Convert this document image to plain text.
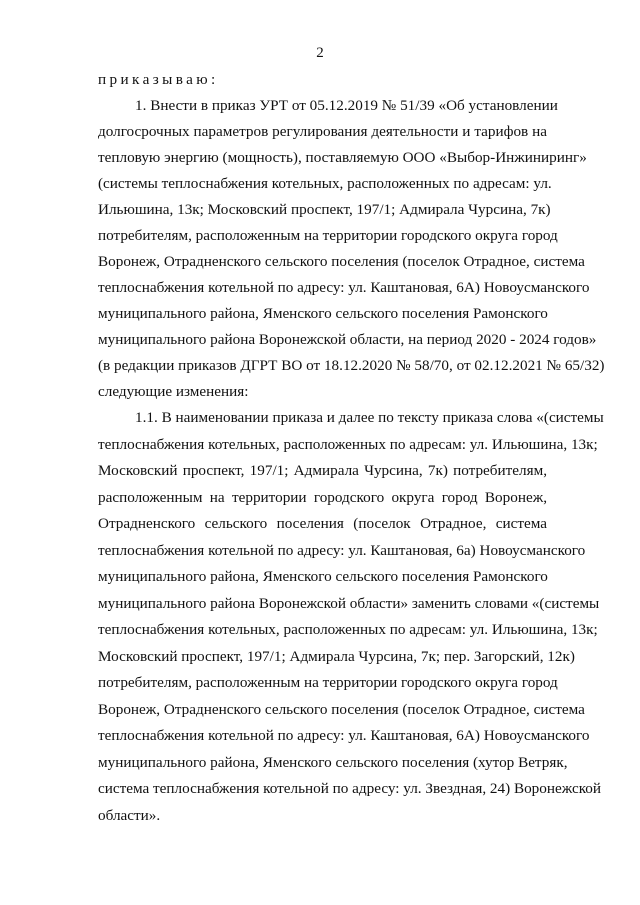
2
приказываю:
1. Внести в приказ УРТ от 05.12.2019 № 51/39 «Об установлении
долгосрочных параметров регулирования деятельности и тарифов на
тепловую энергию (мощность), поставляемую ООО «Выбор-Инжиниринг»
(системы теплоснабжения котельных, расположенных по адресам: ул.
Ильюшина, 13к; Московский проспект, 197/1; Адмирала Чурсина, 7к)
потребителям, расположенным на территории городского округа город
Воронеж, Отрадненского сельского поселения (поселок Отрадное, система
теплоснабжения котельной по адресу: ул. Каштановая, 6А) Новоусманского
муниципального района, Яменского сельского поселения Рамонского
муниципального района Воронежской области, на период 2020 - 2024 годов»
(в редакции приказов ДГРТ ВО от 18.12.2020 № 58/70, от 02.12.2021 № 65/32)
следующие изменения:
1.1. В наименовании приказа и далее по тексту приказа слова «(системы
теплоснабжения котельных, расположенных по адресам: ул. Ильюшина, 13к;
Московский проспект, 197/1; Адмирала Чурсина, 7к) потребителям,
расположенным на территории городского округа город Воронеж,
Отрадненского сельского поселения (поселок Отрадное, система
теплоснабжения котельной по адресу: ул. Каштановая, 6а) Новоусманского
муниципального района, Яменского сельского поселения Рамонского
муниципального района Воронежской области» заменить словами «(системы
теплоснабжения котельных, расположенных по адресам: ул. Ильюшина, 13к;
Московский проспект, 197/1; Адмирала Чурсина, 7к; пер. Загорский, 12к)
потребителям, расположенным на территории городского округа город
Воронеж, Отрадненского сельского поселения (поселок Отрадное, система
теплоснабжения котельной по адресу: ул. Каштановая, 6А) Новоусманского
муниципального района, Яменского сельского поселения (хутор Ветряк,
система теплоснабжения котельной по адресу: ул. Звездная, 24) Воронежской
области».
